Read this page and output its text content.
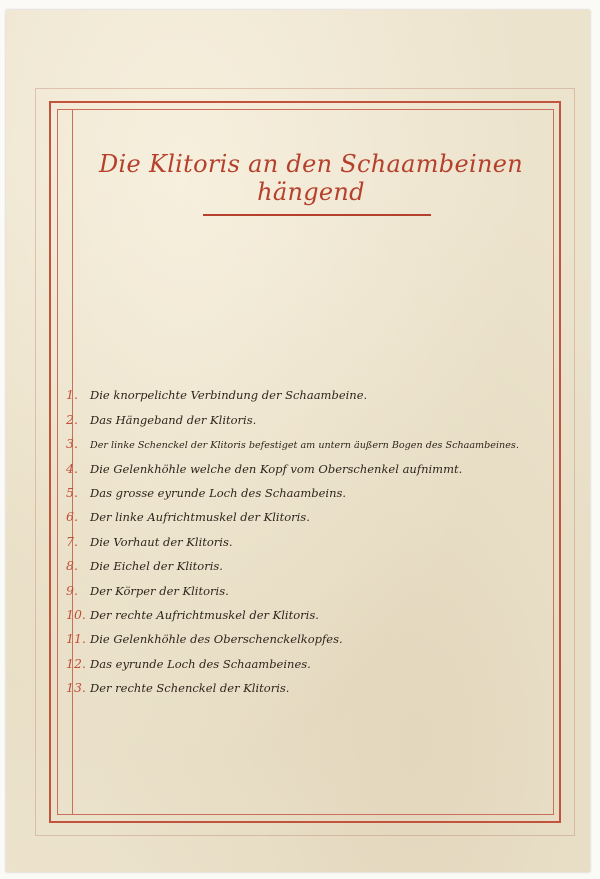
Die Klitoris an den Schaambeinen hängend
1.	Die knorpelichte Verbindung der Schaambeine.
2.	Das Hängeband der Klitoris.
3.	Der linke Schenckel der Klitoris befestiget am untern äußern Bogen des Schaambeines.
4.	Die Gelenkhöhle welche den Kopf vom Oberschenkel aufnimmt.
5.	Das grosse eyrunde Loch des Schaambeins.
6.	Der linke Aufrichtmuskel der Klitoris.
7.	Die Vorhaut der Klitoris.
8.	Die Eichel der Klitoris.
9.	Der Körper der Klitoris.
10. Der rechte Aufrichtmuskel der Klitoris.
11. Die Gelenkhöhle des Oberschenckelkopfes.
12. Das eyrunde Loch des Schaambeines.
13. Der rechte Schenckel der Klitoris.
